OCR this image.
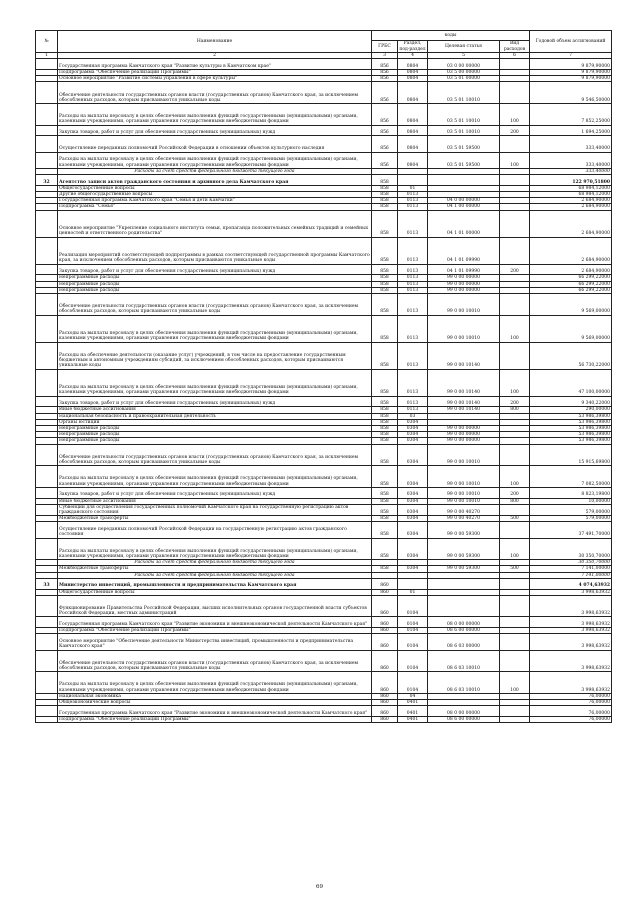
№	Наименование	коды				Годовой объем ассигнований
		ГРБС	Раздел, под-раздел	Целевая статья	Вид расходов	
1	2	3	4	5	6	7
	Государственная программа Камчатского края "Развитие культуры в Камчатском крае"	856	0804	03 0 00 00000		9 879,90000
	Подпрограмма "Обеспечение реализации Программы"	856	0804	03 5 00 00000		9 879,90000
	Основное мероприятие "Развитие системы управления в сфере культуры"	856	0804	03 5 01 00000		9 879,90000
	Обеспечение деятельности государственных органов власти (государственных органов) Камчатского края, за исключением обособленных расходов, которым присваиваются уникальные коды	856	0804	03 5 01 10010		9 546,50000
	Расходы на выплаты персоналу в целях обеспечения выполнения функций государственными (муниципальными) органами, казенными учреждениями, органами управления государственными внебюджетными фондами	856	0804	03 5 01 10010	100	7 852,25000
	Закупка товаров, работ и услуг для обеспечения государственных (муниципальных) нужд	856	0804	03 5 01 10010	200	1 694,25000
	Осуществление переданных полномочий Российской Федерации в отношении объектов культурного наследия	856	0804	03 5 01 59500		333,40000
	Расходы на выплаты персоналу в целях обеспечения выполнения функций государственными (муниципальными) органами, казенными учреждениями, органами управления государственными внебюджетными фондами	856	0804	03 5 01 59500	100	333,40000
	Расходы за счет средств федерального бюджета текущего года					333,40000
32	Агентство записи актов гражданского состояния и архивного дела Камчатского края	858				122 970,51800
	Общегосударственные вопросы	858	01			68 984,12000
	Другие общегосударственные вопросы	858	0113			68 984,12000
	Государственная программа Камчатского края "Семья и дети Камчатки"	858	0113	04 0 00 00000		2 684,90000
	Подпрограмма "Семья"	858	0113	04 1 00 00000		2 684,90000
	Основное мероприятие "Укрепление социального института семьи, пропаганда положительных семейных традиций и семейных ценностей и ответственного родительства"	858	0113	04 1 01 00000		2 684,90000
	Реализация мероприятий соответствующей подпрограммы в рамках соответствующей государственной программы Камчатского края, за исключением обособленных расходов, которым присваиваются уникальные коды	858	0113	04 1 01 09990		2 684,90000
	Закупка товаров, работ и услуг для обеспечения государственных (муниципальных) нужд	858	0113	04 1 01 09990	200	2 684,90000
	Непрограммные расходы	858	0113	99 0 00 00000		66 299,22000
	Непрограммные расходы	858	0113	99 0 00 00000		66 299,22000
	Непрограммные расходы	858	0113	99 0 00 00000		66 299,22000
	Обеспечение деятельности государственных органов власти (государственных органов) Камчатского края, за исключением обособленных расходов, которым присваиваются уникальные коды	858	0113	99 0 00 10010		9 569,00000
	Расходы на выплаты персоналу в целях обеспечения выполнения функций государственными (муниципальными) органами, казенными учреждениями, органами управления государственными внебюджетными фондами	858	0113	99 0 00 10010	100	9 569,00000
	Расходы на обеспечение деятельности (оказание услуг) учреждений, в том числе на предоставление государственным бюджетным и автономным учреждениям субсидий, за исключением обособленных расходов, которым присваиваются уникальные коды	858	0113	99 0 00 10140		56 730,22000
	Расходы на выплаты персоналу в целях обеспечения выполнения функций государственными (муниципальными) органами, казенными учреждениями, органами управления государственными внебюджетными фондами	858	0113	99 0 00 10140	100	47 100,00000
	Закупка товаров, работ и услуг для обеспечения государственных (муниципальных) нужд	858	0113	99 0 00 10140	200	9 340,22000
	Иные бюджетные ассигнования	858	0113	99 0 00 10140	800	290,00000
	Национальная безопасность и правоохранительная деятельность	858	03			53 986,39800
	Органы юстиции	858	0304			53 986,39800
	Непрограммные расходы	858	0304	99 0 00 00000		53 986,39800
	Непрограммные расходы	858	0304	99 0 00 00000		53 986,39800
	Непрограммные расходы	858	0304	99 0 00 00000		53 986,39800
	Обеспечение деятельности государственных органов власти (государственных органов) Камчатского края, за исключением обособленных расходов, которым присваиваются уникальные коды	858	0304	99 0 00 10010		15 915,69800
	Расходы на выплаты персоналу в целях обеспечения выполнения функций государственными (муниципальными) органами, казенными учреждениями, органами управления государственными внебюджетными фондами	858	0304	99 0 00 10010	100	7 082,50000
	Закупка товаров, работ и услуг для обеспечения государственных (муниципальных) нужд	858	0304	99 0 00 10010	200	8 823,19800
	Иные бюджетные ассигнования	858	0304	99 0 00 10010	800	10,00000
	Субвенции для осуществления государственных полномочий Камчатского края на государственную регистрацию актов гражданского состояния	858	0304	99 0 00 40270		579,00000
	Межбюджетные трансферты	858	0304	99 0 00 40270	500	579,00000
	Осуществление переданных полномочий Российской Федерации на государственную регистрацию актов гражданского состояния	858	0304	99 0 00 59300		37 491,70000
	Расходы на выплаты персоналу в целях обеспечения выполнения функций государственными (муниципальными) органами, казенными учреждениями, органами управления государственными внебюджетными фондами	858	0304	99 0 00 59300	100	30 350,70000
	Расходы за счет средств федерального бюджета текущего года					30 350,70000
	Межбюджетные трансферты	858	0304	99 0 00 59300	500	7 141,00000
	Расходы за счет средств федерального бюджета текущего года					7 141,00000
33	Министерство инвестиций, промышленности и предпринимательства Камчатского края	860				4 074,63932
	Общегосударственные вопросы	860	01			3 998,63932
	Функционирование Правительства Российской Федерации, высших исполнительных органов государственной власти субъектов Российской Федерации, местных администраций	860	0104			3 998,63932
	Государственная программа Камчатского края "Развитие экономики и внешнеэкономической деятельности Камчатского края"	860	0104	08 0 00 00000		3 998,63932
	Подпрограмма "Обеспечение реализации Программы"	860	0104	08 6 00 00000		3 998,63932
	Основное мероприятие "Обеспечение деятельности Министерства инвестиций, промышленности и предпринимательства Камчатского края"	860	0104	08 6 03 00000		3 998,63932
	Обеспечение деятельности государственных органов власти (государственных органов) Камчатского края, за исключением обособленных расходов, которым присваиваются уникальные коды	860	0104	08 6 03 10010		3 998,63932
	Расходы на выплаты персоналу в целях обеспечения выполнения функций государственными (муниципальными) органами, казенными учреждениями, органами управления государственными внебюджетными фондами	860	0104	08 6 03 10010	100	3 998,63932
	Национальная экономика	860	04			76,00000
	Общеэкономические вопросы	860	0401			76,00000
	Государственная программа Камчатского края "Развитие экономики и внешнеэкономической деятельности Камчатского края"	860	0401	08 0 00 00000		76,00000
	Подпрограмма "Обеспечение реализации Программы"	860	0401	08 6 00 00000		76,00000
69
